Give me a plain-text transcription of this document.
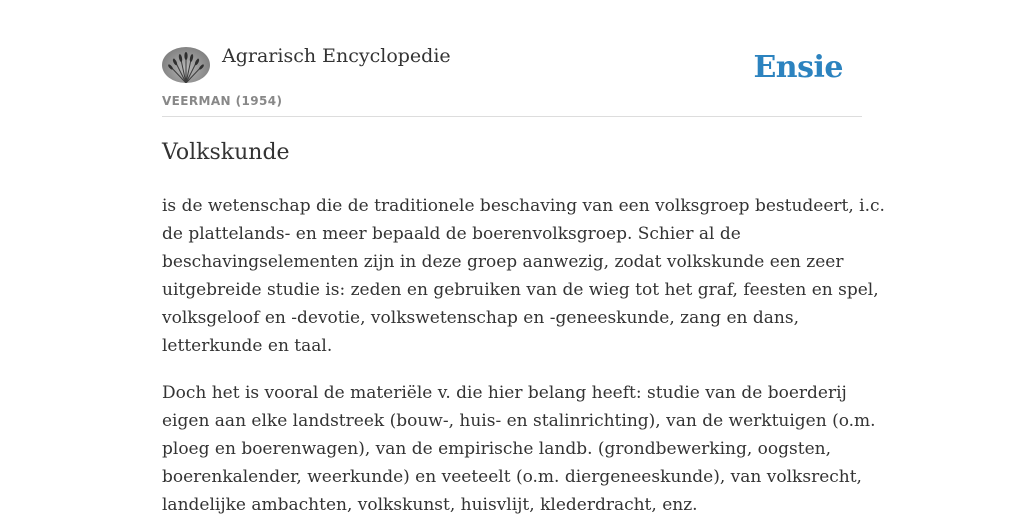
Agrarisch Encyclopedie
VEERMAN (1954)
Ensie
Volkskunde

is de wetenschap die de traditionele beschaving van een volksgroep bestudeert, i.c.
de plattelands- en meer bepaald de boerenvolksgroep. Schier al de
beschavingselementen zijn in deze groep aanwezig, zodat volkskunde een zeer
uitgebreide studie is: zeden en gebruiken van de wieg tot het graf, feesten en spel,
volksgeloof en -devotie, volkswetenschap en -geneeskunde, zang en dans,
letterkunde en taal.

Doch het is vooral de materiële v. die hier belang heeft: studie van de boerderij
eigen aan elke landstreek (bouw-, huis- en stalinrichting), van de werktuigen (o.m.
ploeg en boerenwagen), van de empirische landb. (grondbewerking, oogsten,
boerenkalender, weerkunde) en veeteelt (o.m. diergeneeskunde), van volksrecht,
landelijke ambachten, volkskunst, huisvlijt, klederdracht, enz.
